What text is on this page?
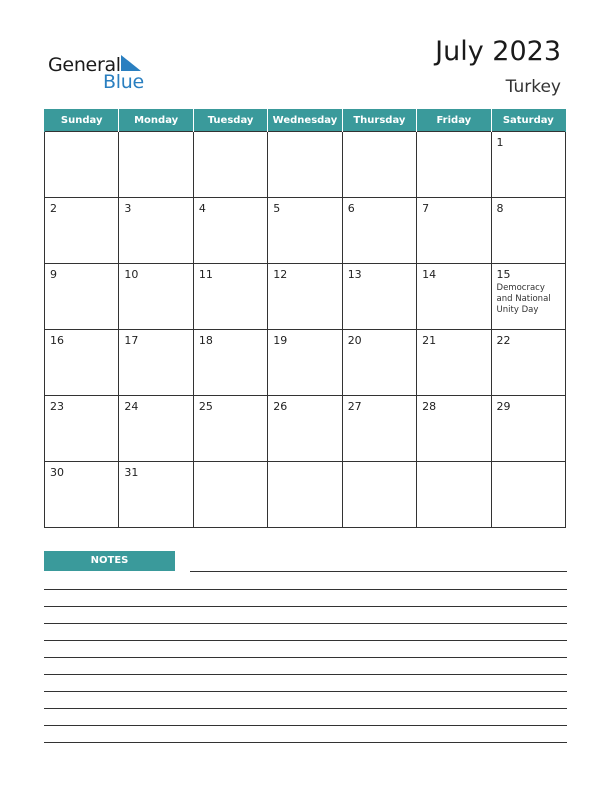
General
Blue
July 2023
Turkey
Sunday	Monday	Tuesday	Wednesday	Thursday	Friday	Saturday

						1

2	3	4	5	6	7	8

9	10	11	12	13	14	15
Democracy and National Unity Day

16	17	18	19	20	21	22

23	24	25	26	27	28	29

30	31					

NOTES
